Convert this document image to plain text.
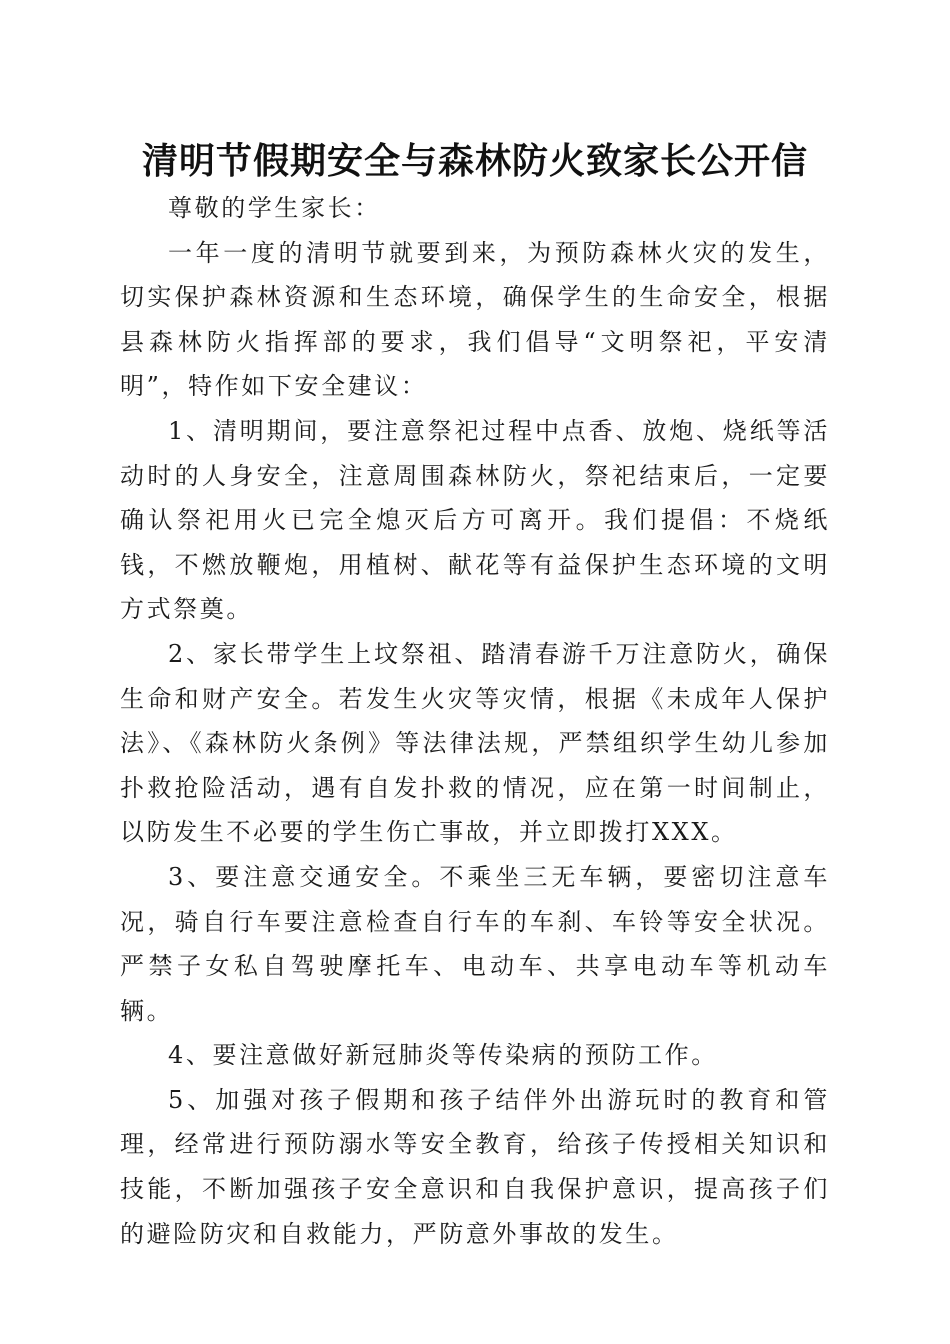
清明节假期安全与森林防火致家长公开信

尊敬的学生家长：

一年一度的清明节就要到来，为预防森林火灾的发生，切实保护森林资源和生态环境，确保学生的生命安全，根据县森林防火指挥部的要求，我们倡导“文明祭祀，平安清明”，特作如下安全建议：

1、清明期间，要注意祭祀过程中点香、放炮、烧纸等活动时的人身安全，注意周围森林防火，祭祀结束后，一定要确认祭祀用火已完全熄灭后方可离开。我们提倡：不烧纸钱，不燃放鞭炮，用植树、献花等有益保护生态环境的文明方式祭奠。

2、家长带学生上坟祭祖、踏清春游千万注意防火，确保生命和财产安全。若发生火灾等灾情，根据《未成年人保护法》、《森林防火条例》等法律法规，严禁组织学生幼儿参加扑救抢险活动，遇有自发扑救的情况，应在第一时间制止，以防发生不必要的学生伤亡事故，并立即拨打XXX。

3、要注意交通安全。不乘坐三无车辆，要密切注意车况，骑自行车要注意检查自行车的车刹、车铃等安全状况。严禁子女私自驾驶摩托车、电动车、共享电动车等机动车辆。

4、要注意做好新冠肺炎等传染病的预防工作。

5、加强对孩子假期和孩子结伴外出游玩时的教育和管理，经常进行预防溺水等安全教育，给孩子传授相关知识和技能，不断加强孩子安全意识和自我保护意识，提高孩子们的避险防灾和自救能力，严防意外事故的发生。
